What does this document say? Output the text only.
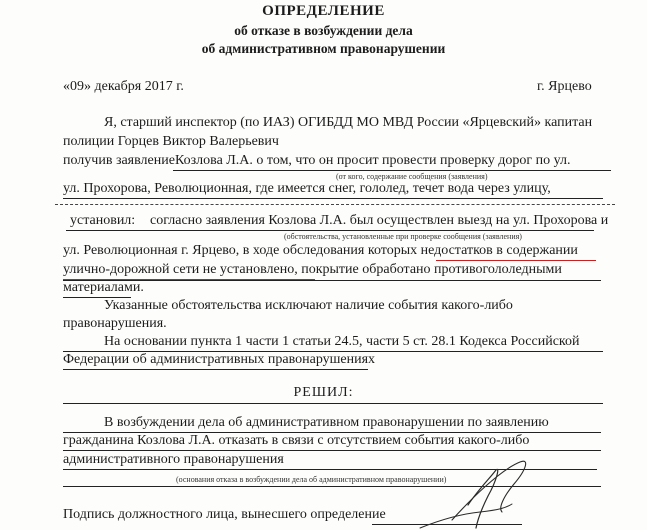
ОПРЕДЕЛЕНИЕ
об отказе в возбуждении дела
об административном правонарушении
«09» декабря 2017 г.	г. Ярцево
Я, старший инспектор (по ИАЗ) ОГИБДД МО МВД России «Ярцевский» капитан
полиции Горцев Виктор Валерьевич
получив заявление Козлова Л.А. о том, что он просит провести проверку дорог по ул.
(от кого, содержание сообщения (заявления)
ул. Прохорова, Революционная, где имеется снег, гололед, течет вода через улицу,
установил: согласно заявления Козлова Л.А. был осуществлен выезд на ул. Прохорова и
(обстоятельства, установленные при проверке сообщения (заявления)
ул. Революционная г. Ярцево, в ходе обследования которых недостатков в содержании
улично-дорожной сети не установлено, покрытие обработано противогололедными
материалами.
Указанные обстоятельства исключают наличие события какого-либо
правонарушения.
На основании пункта 1 части 1 статьи 24.5, части 5 ст. 28.1 Кодекса Российской
Федерации об административных правонарушениях
РЕШИЛ:
В возбуждении дела об административном правонарушении по заявлению
гражданина Козлова Л.А. отказать в связи с отсутствием события какого-либо
административного правонарушения
(основания отказа в возбуждении дела об административном правонарушении)
Подпись должностного лица, вынесшего определение
